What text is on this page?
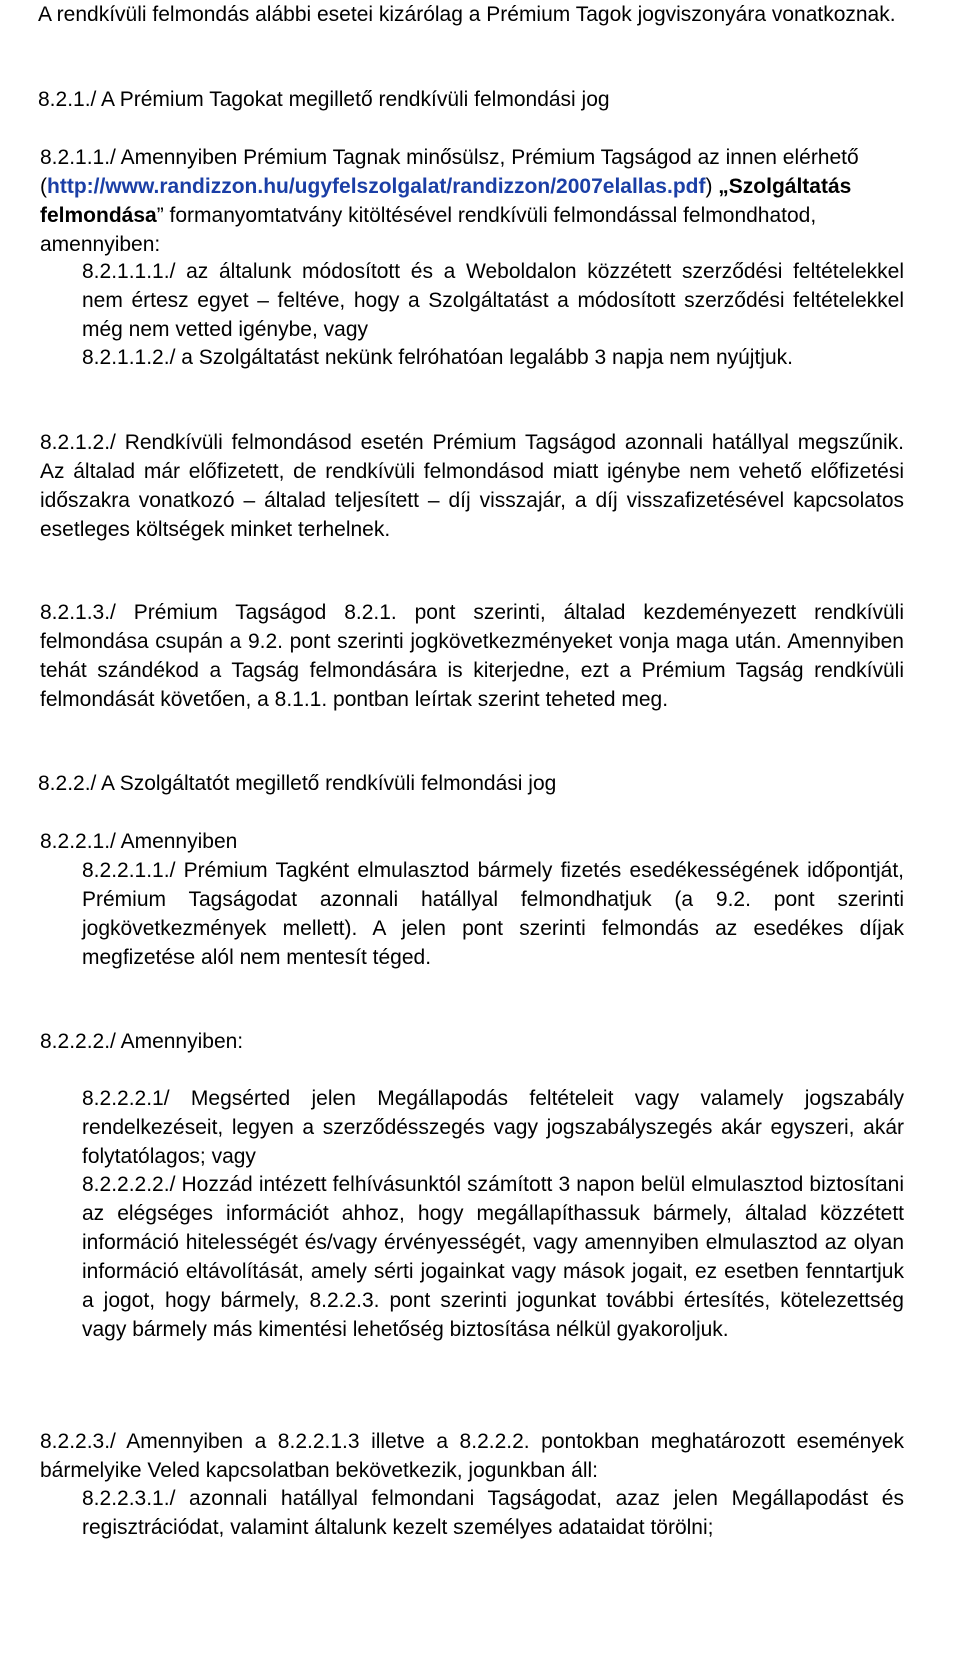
A rendkívüli felmondás alábbi esetei kizárólag a Prémium Tagok jogviszonyára vonatkoznak.

8.2.1./ A Prémium Tagokat megillető rendkívüli felmondási jog

8.2.1.1./ Amennyiben Prémium Tagnak minősülsz, Prémium Tagságod az innen elérhető (http://www.randizzon.hu/ugyfelszolgalat/randizzon/2007elallas.pdf) „Szolgáltatás felmondása” formanyomtatvány kitöltésével rendkívüli felmondással felmondhatod, amennyiben:

8.2.1.1.1./ az általunk módosított és a Weboldalon közzétett szerződési feltételekkel nem értesz egyet – feltéve, hogy a Szolgáltatást a módosított szerződési feltételekkel még nem vetted igénybe, vagy

8.2.1.1.2./ a Szolgáltatást nekünk felróhatóan legalább 3 napja nem nyújtjuk.

8.2.1.2./ Rendkívüli felmondásod esetén Prémium Tagságod azonnali hatállyal megszűnik. Az általad már előfizetett, de rendkívüli felmondásod miatt igénybe nem vehető előfizetési időszakra vonatkozó – általad teljesített – díj visszajár, a díj visszafizetésével kapcsolatos esetleges költségek minket terhelnek.

8.2.1.3./ Prémium Tagságod 8.2.1. pont szerinti, általad kezdeményezett rendkívüli felmondása csupán a 9.2. pont szerinti jogkövetkezményeket vonja maga után. Amennyiben tehát szándékod a Tagság felmondására is kiterjedne, ezt a Prémium Tagság rendkívüli felmondását követően, a 8.1.1. pontban leírtak szerint teheted meg.

8.2.2./ A Szolgáltatót megillető rendkívüli felmondási jog

8.2.2.1./ Amennyiben

8.2.2.1.1./ Prémium Tagként elmulasztod bármely fizetés esedékességének időpontját, Prémium Tagságodat azonnali hatállyal felmondhatjuk (a 9.2. pont szerinti jogkövetkezmények mellett). A jelen pont szerinti felmondás az esedékes díjak megfizetése alól nem mentesít téged.

8.2.2.2./ Amennyiben:

8.2.2.2.1/ Megsérted jelen Megállapodás feltételeit vagy valamely jogszabály rendelkezéseit, legyen a szerződésszegés vagy jogszabályszegés akár egyszeri, akár folytatólagos; vagy

8.2.2.2.2./ Hozzád intézett felhívásunktól számított 3 napon belül elmulasztod biztosítani az elégséges információt ahhoz, hogy megállapíthassuk bármely, általad közzétett információ hitelességét és/vagy érvényességét, vagy amennyiben elmulasztod az olyan információ eltávolítását, amely sérti jogainkat vagy mások jogait, ez esetben fenntartjuk a jogot, hogy bármely, 8.2.2.3. pont szerinti jogunkat további értesítés, kötelezettség vagy bármely más kimentési lehetőség biztosítása nélkül gyakoroljuk.

8.2.2.3./ Amennyiben a 8.2.2.1.3 illetve a 8.2.2.2. pontokban meghatározott események bármelyike Veled kapcsolatban bekövetkezik, jogunkban áll:

8.2.2.3.1./ azonnali hatállyal felmondani Tagságodat, azaz jelen Megállapodást és regisztrációdat, valamint általunk kezelt személyes adataidat törölni;
